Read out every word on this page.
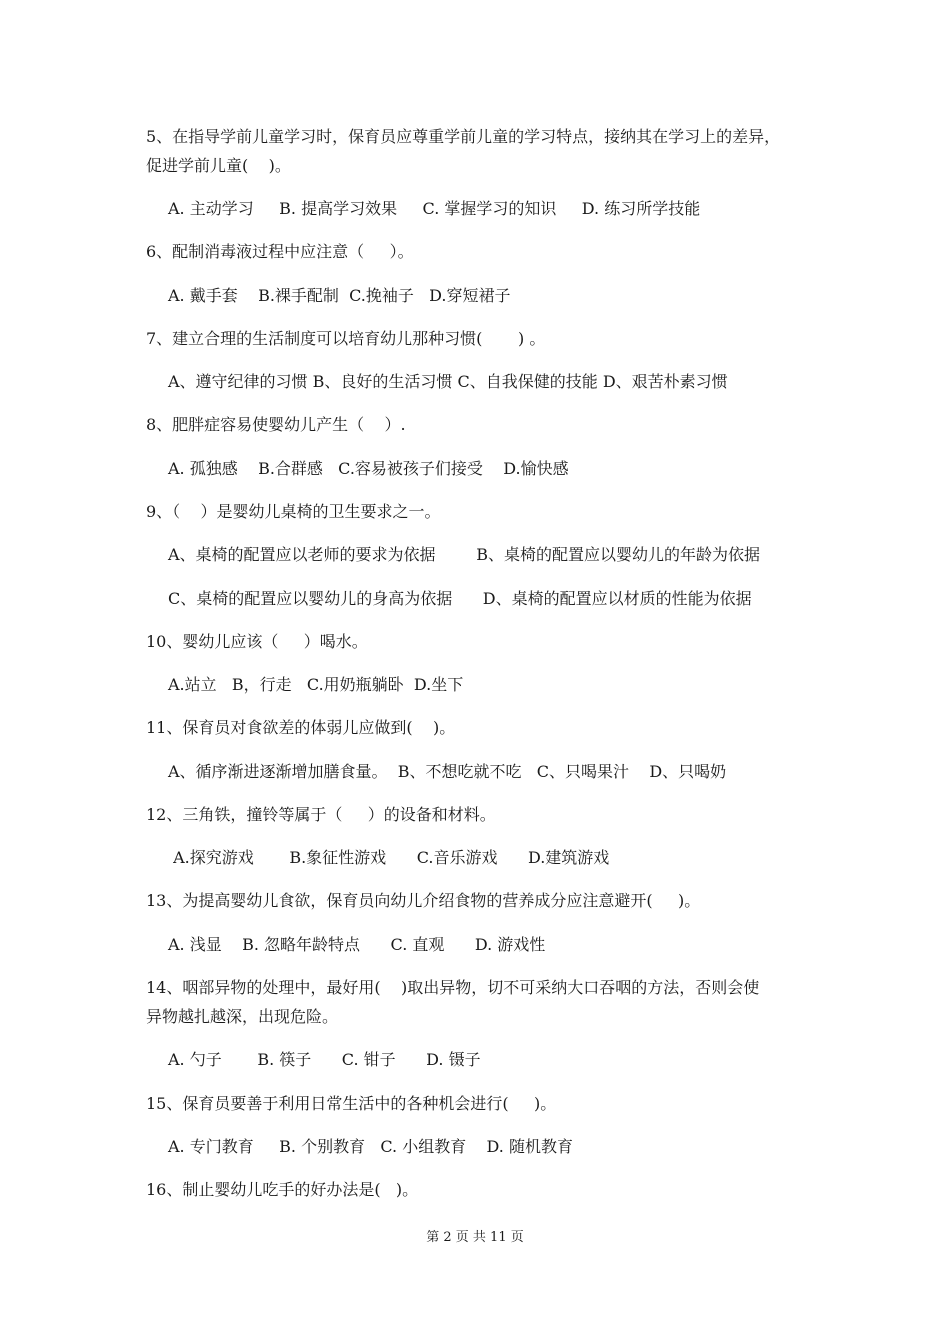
5、在指导学前儿童学习时，保育员应尊重学前儿童的学习特点，接纳其在学习上的差异，
促进学前儿童(    )。
A. 主动学习     B. 提高学习效果     C. 掌握学习的知识     D. 练习所学技能
6、配制消毒液过程中应注意（     ）。
A. 戴手套    B.裸手配制  C.挽袖子   D.穿短裙子
7、建立合理的生活制度可以培育幼儿那种习惯(       ) 。
A、遵守纪律的习惯 B、良好的生活习惯 C、自我保健的技能 D、艰苦朴素习惯
8、肥胖症容易使婴幼儿产生（    ）.
A. 孤独感    B.合群感   C.容易被孩子们接受    D.愉快感
9、（    ）是婴幼儿桌椅的卫生要求之一。
A、桌椅的配置应以老师的要求为依据        B、桌椅的配置应以婴幼儿的年龄为依据
C、桌椅的配置应以婴幼儿的身高为依据      D、桌椅的配置应以材质的性能为依据
10、婴幼儿应该（     ）喝水。
A.站立   B，行走   C.用奶瓶躺卧  D.坐下
11、保育员对食欲差的体弱儿应做到(    )。
A、循序渐进逐渐增加膳食量。  B、不想吃就不吃   C、只喝果汁    D、只喝奶
12、三角铁，撞铃等属于（     ）的设备和材料。
A.探究游戏       B.象征性游戏      C.音乐游戏      D.建筑游戏
13、为提高婴幼儿食欲，保育员向幼儿介绍食物的营养成分应注意避开(     )。
A. 浅显    B. 忽略年龄特点      C. 直观      D. 游戏性
14、咽部异物的处理中，最好用(    )取出异物，切不可采纳大口吞咽的方法，否则会使
异物越扎越深，出现危险。
A. 勺子       B. 筷子      C. 钳子      D. 镊子
15、保育员要善于利用日常生活中的各种机会进行(     )。
A. 专门教育     B. 个别教育   C. 小组教育    D. 随机教育
16、制止婴幼儿吃手的好办法是(   )。
第 2 页 共 11 页
